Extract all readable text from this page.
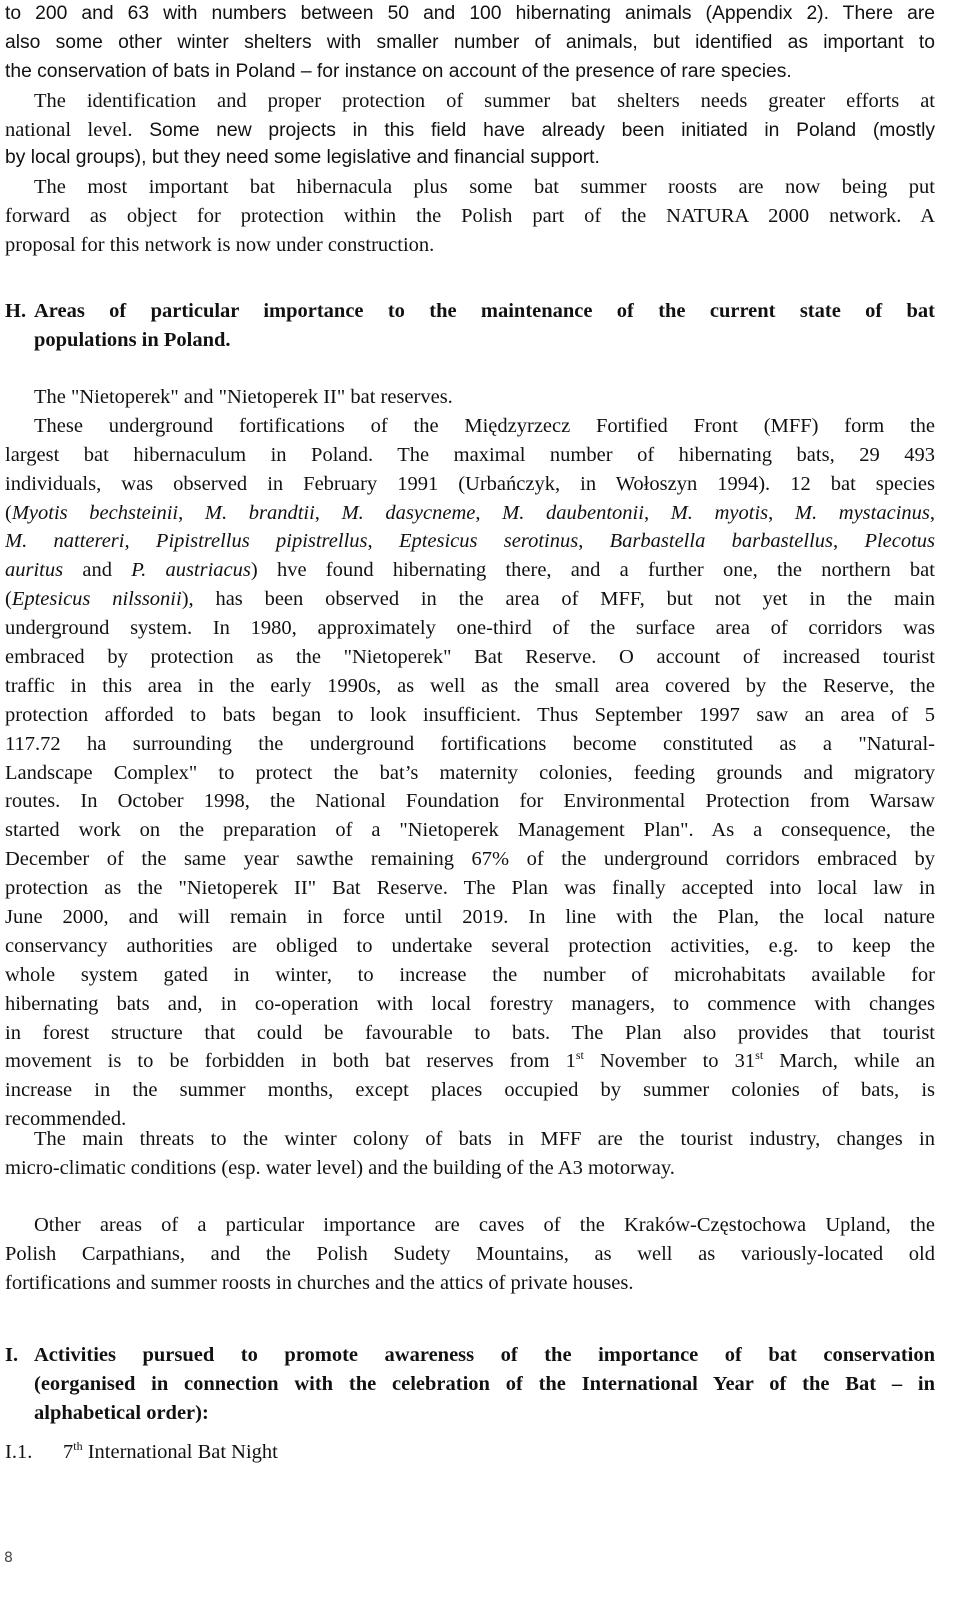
to 200 and 63 with numbers between 50 and 100 hibernating animals (Appendix 2). There are
also some other winter shelters with smaller number of animals, but identified as important to
the conservation of bats in Poland – for instance on account of the presence of rare species.
The identification and proper protection of summer bat shelters needs greater efforts at
national level. Some new projects in this field have already been initiated in Poland (mostly
by local groups), but they need some legislative and financial support.
The most important bat hibernacula plus some bat summer roosts are now being put
forward as object for protection within the Polish part of the NATURA 2000 network. A
proposal for this network is now under construction.
H. Areas of particular importance to the maintenance of the current state of bat
populations in Poland.
The "Nietoperek" and "Nietoperek II" bat reserves.
These underground fortifications of the Międzyrzecz Fortified Front (MFF) form the
largest bat hibernaculum in Poland. The maximal number of hibernating bats, 29 493
individuals, was observed in February 1991 (Urbańczyk, in Wołoszyn 1994). 12 bat species
(Myotis bechsteinii, M. brandtii, M. dasycneme, M. daubentonii, M. myotis, M. mystacinus,
M. nattereri, Pipistrellus pipistrellus, Eptesicus serotinus, Barbastella barbastellus, Plecotus
auritus and P. austriacus) hve found hibernating there, and a further one, the northern bat
(Eptesicus nilssonii), has been observed in the area of MFF, but not yet in the main
underground system. In 1980, approximately one-third of the surface area of corridors was
embraced by protection as the "Nietoperek" Bat Reserve. O account of increased tourist
traffic in this area in the early 1990s, as well as the small area covered by the Reserve, the
protection afforded to bats began to look insufficient. Thus September 1997 saw an area of 5
117.72 ha surrounding the underground fortifications become constituted as a "Natural-
Landscape Complex" to protect the bat’s maternity colonies, feeding grounds and migratory
routes. In October 1998, the National Foundation for Environmental Protection from Warsaw
started work on the preparation of a "Nietoperek Management Plan". As a consequence, the
December of the same year sawthe remaining 67% of the underground corridors embraced by
protection as the "Nietoperek II" Bat Reserve. The Plan was finally accepted into local law in
June 2000, and will remain in force until 2019. In line with the Plan, the local nature
conservancy authorities are obliged to undertake several protection activities, e.g. to keep the
whole system gated in winter, to increase the number of microhabitats available for
hibernating bats and, in co-operation with local forestry managers, to commence with changes
in forest structure that could be favourable to bats. The Plan also provides that tourist
movement is to be forbidden in both bat reserves from 1st November to 31st March, while an
increase in the summer months, except places occupied by summer colonies of bats, is
recommended.
The main threats to the winter colony of bats in MFF are the tourist industry, changes in
micro-climatic conditions (esp. water level) and the building of the A3 motorway.
Other areas of a particular importance are caves of the Kraków-Częstochowa Upland, the
Polish Carpathians, and the Polish Sudety Mountains, as well as variously-located old
fortifications and summer roosts in churches and the attics of private houses.
I. Activities pursued to promote awareness of the importance of bat conservation
(eorganised in connection with the celebration of the International Year of the Bat – in
alphabetical order):
I.1.	7th International Bat Night
8
